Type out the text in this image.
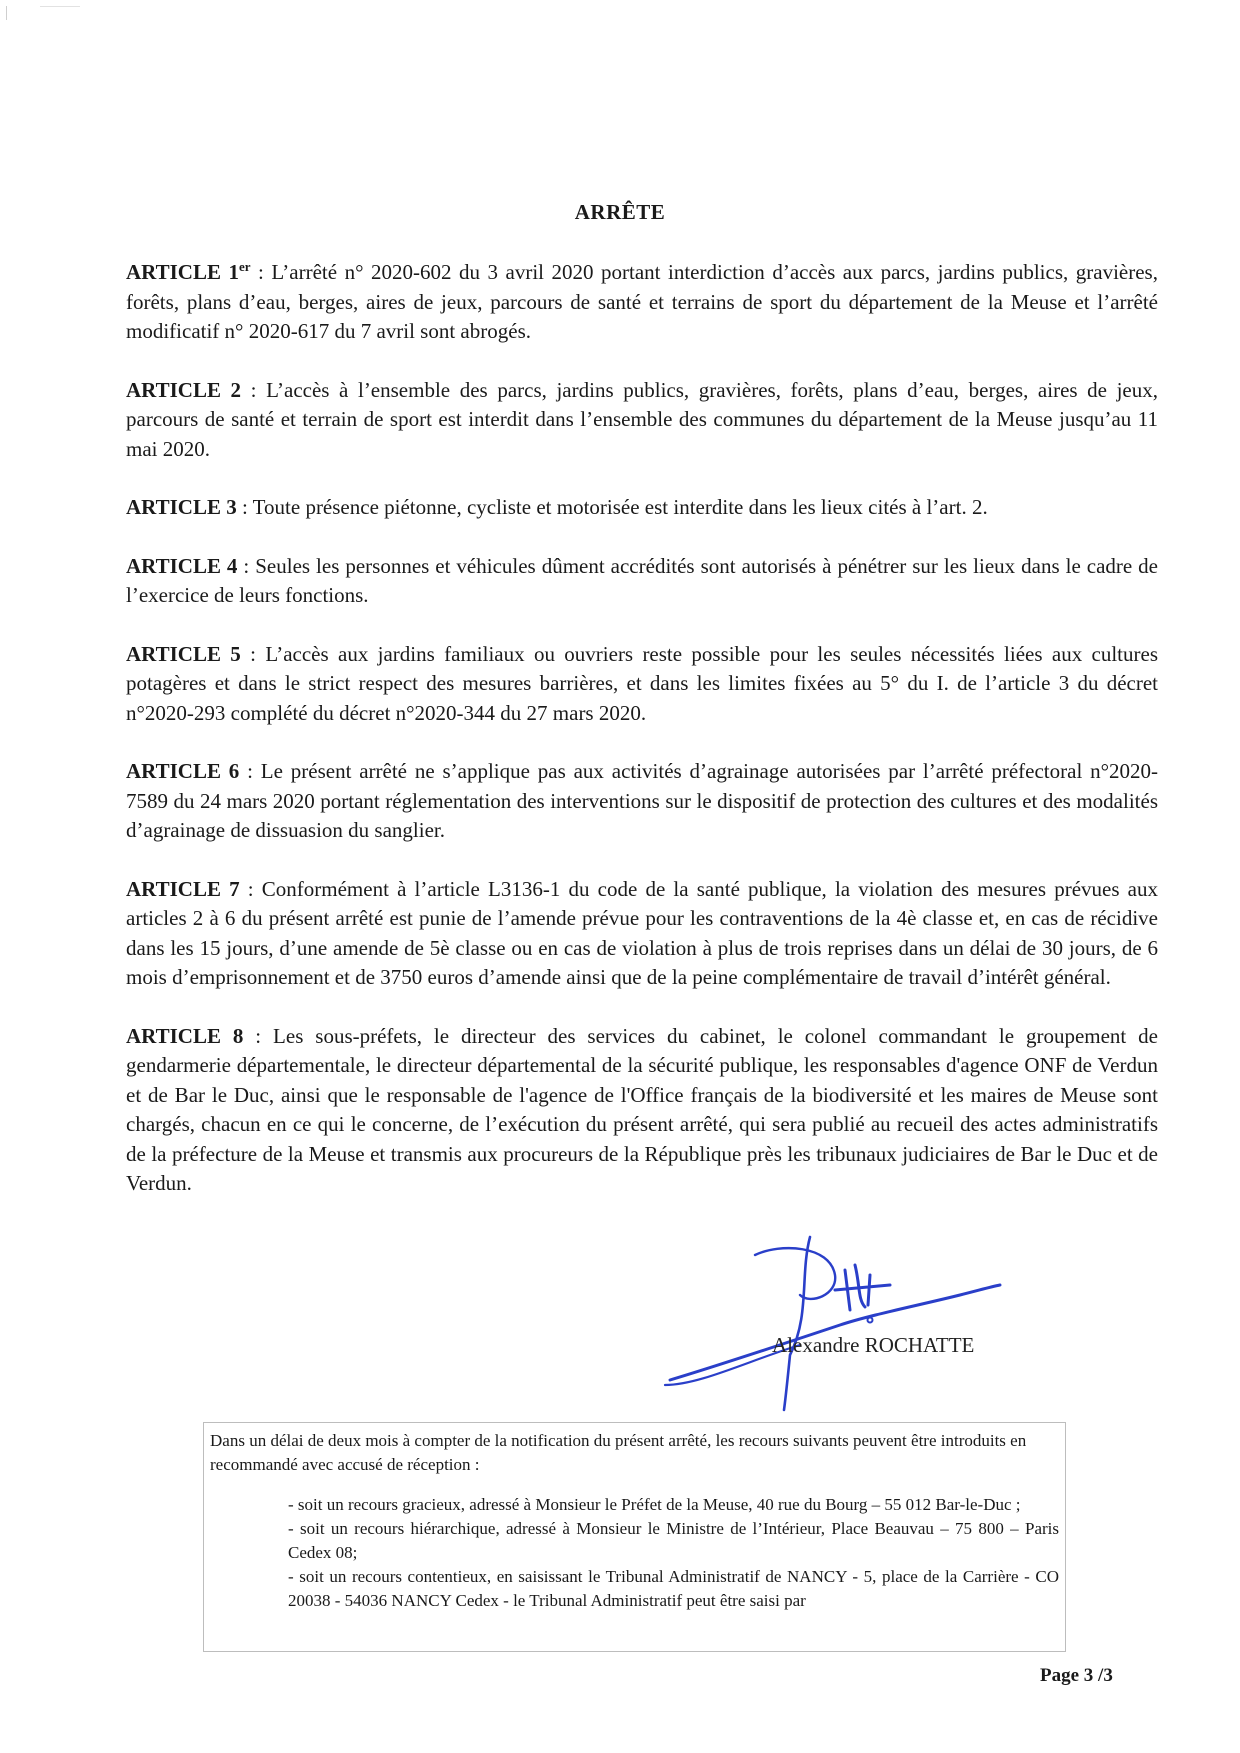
ARRÊTE

ARTICLE 1er : L’arrêté n° 2020-602 du 3 avril 2020 portant interdiction d’accès aux parcs, jardins publics, gravières, forêts, plans d’eau, berges, aires de jeux, parcours de santé et terrains de sport du département de la Meuse et l’arrêté modificatif n° 2020-617 du 7 avril sont abrogés.

ARTICLE 2 : L’accès à l’ensemble des parcs, jardins publics, gravières, forêts, plans d’eau, berges, aires de jeux, parcours de santé et terrain de sport est interdit dans l’ensemble des communes du département de la Meuse jusqu’au 11 mai 2020.

ARTICLE 3 : Toute présence piétonne, cycliste et motorisée est interdite dans les lieux cités à l’art. 2.

ARTICLE 4 : Seules les personnes et véhicules dûment accrédités sont autorisés à pénétrer sur les lieux dans le cadre de l’exercice de leurs fonctions.

ARTICLE 5 : L’accès aux jardins familiaux ou ouvriers reste possible pour les seules nécessités liées aux cultures potagères et dans le strict respect des mesures barrières, et dans les limites fixées au 5° du I. de l’article 3 du décret n°2020-293 complété du décret n°2020-344 du 27 mars 2020.

ARTICLE 6 : Le présent arrêté ne s’applique pas aux activités d’agrainage autorisées par l’arrêté préfectoral n°2020-7589 du 24 mars 2020 portant réglementation des interventions sur le dispositif de protection des cultures et des modalités d’agrainage de dissuasion du sanglier.

ARTICLE 7 : Conformément à l’article L3136-1 du code de la santé publique, la violation des mesures prévues aux articles 2 à 6 du présent arrêté est punie de l’amende prévue pour les contraventions de la 4è classe et, en cas de récidive dans les 15 jours, d’une amende de 5è classe ou en cas de violation à plus de trois reprises dans un délai de 30 jours, de 6 mois d’emprisonnement et de 3750 euros d’amende ainsi que de la peine complémentaire de travail d’intérêt général.

ARTICLE 8 : Les sous-préfets, le directeur des services du cabinet, le colonel commandant le groupement de gendarmerie départementale, le directeur départemental de la sécurité publique, les responsables d'agence ONF de Verdun et de Bar le Duc, ainsi que le responsable de l'agence de l'Office français de la biodiversité et les maires de Meuse sont chargés, chacun en ce qui le concerne, de l’exécution du présent arrêté, qui sera publié au recueil des actes administratifs de la préfecture de la Meuse et transmis aux procureurs de la République près les tribunaux judiciaires de Bar le Duc et de Verdun.

Alexandre ROCHATTE

Dans un délai de deux mois à compter de la notification du présent arrêté, les recours suivants peuvent être introduits en recommandé avec accusé de réception :

- soit un recours gracieux, adressé à Monsieur le Préfet de la Meuse, 40 rue du Bourg – 55 012 Bar-le-Duc ;
- soit un recours hiérarchique, adressé à Monsieur le Ministre de l’Intérieur, Place Beauvau – 75 800 – Paris Cedex 08;
- soit un recours contentieux, en saisissant le Tribunal Administratif de NANCY - 5, place de la Carrière - CO 20038 - 54036 NANCY Cedex - le Tribunal Administratif peut être saisi par
Page 3 /3
